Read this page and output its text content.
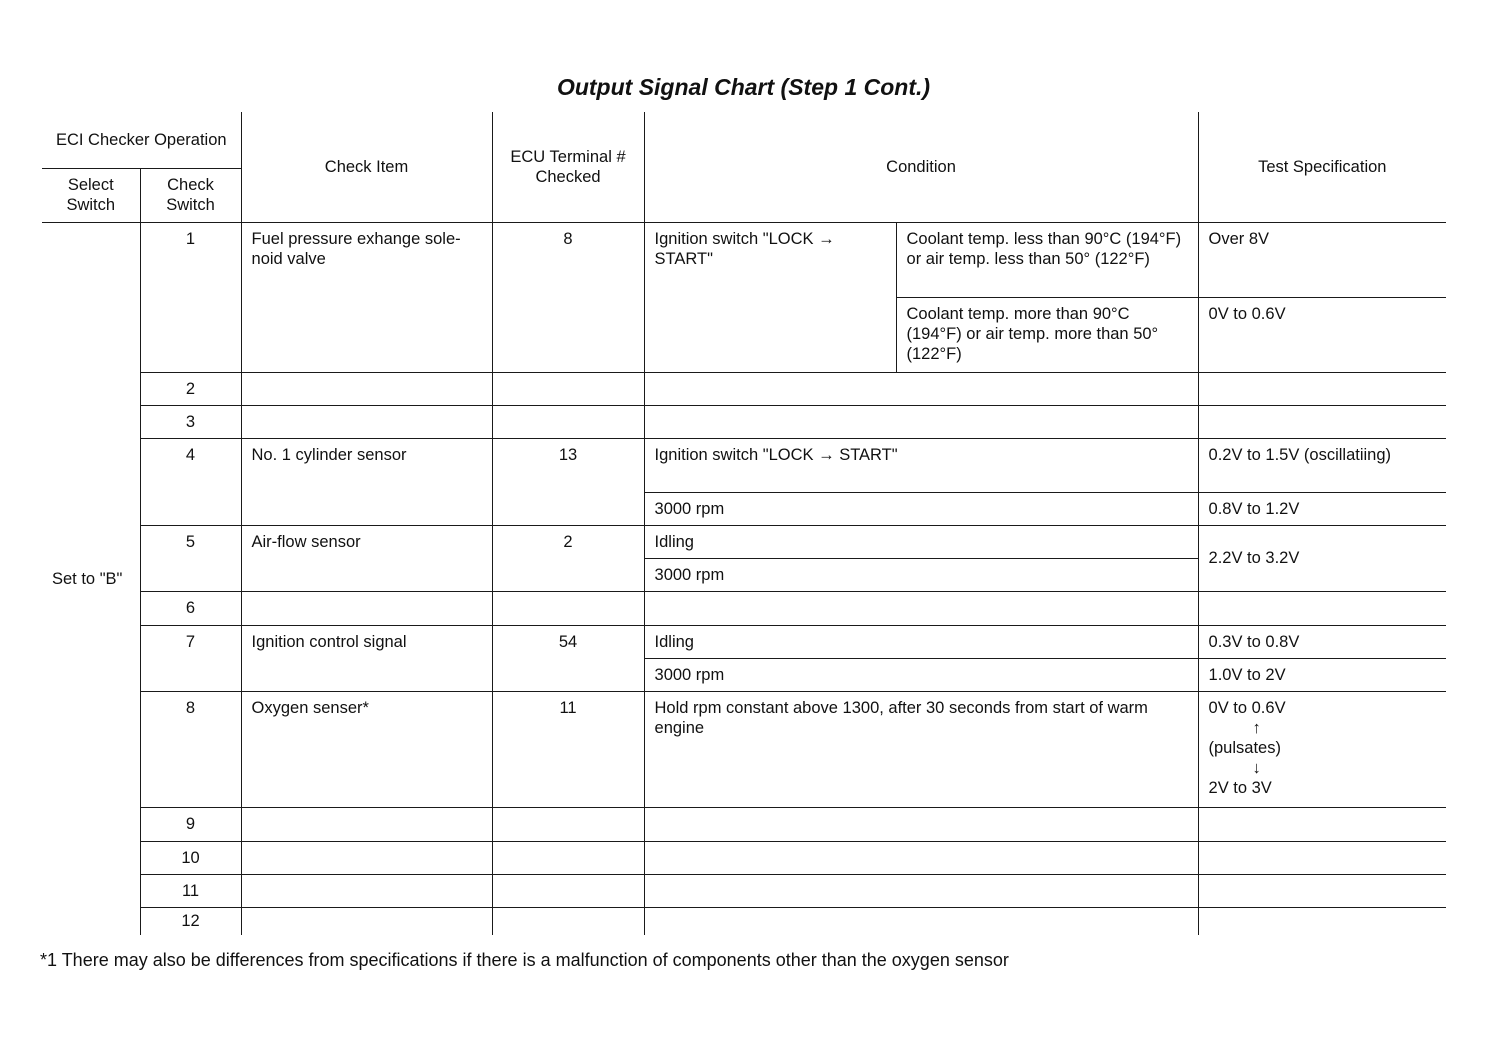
Output Signal Chart (Step 1 Cont.)
ECI Checker Operation		Check Item	ECU Terminal # Checked	Condition		Test Specification
Select Switch	Check Switch					
Set to "B"	1	Fuel pressure exhange sole-noid valve	8	Ignition switch "LOCK → START"	Coolant temp. less than 90°C (194°F) or air temp. less than 50° (122°F)	Over 8V
					Coolant temp. more than 90°C (194°F) or air temp. more than 50° (122°F)	0V to 0.6V
	2					
	3					
	4	No. 1 cylinder sensor	13	Ignition switch "LOCK → START"		0.2V to 1.5V (oscillatiing)
				3000 rpm		0.8V to 1.2V
	5	Air-flow sensor	2	Idling		2.2V to 3.2V
				3000 rpm		
	6					
	7	Ignition control signal	54	Idling		0.3V to 0.8V
				3000 rpm		1.0V to 2V
	8	Oxygen senser*	11	Hold rpm constant above 1300, after 30 seconds from start of warm engine		0V to 0.6V
↑
(pulsates)
↓
2V to 3V

	9					
	10					
	11					
	12					
*1 There may also be differences from specifications if there is a malfunction of components other than the oxygen sensor
